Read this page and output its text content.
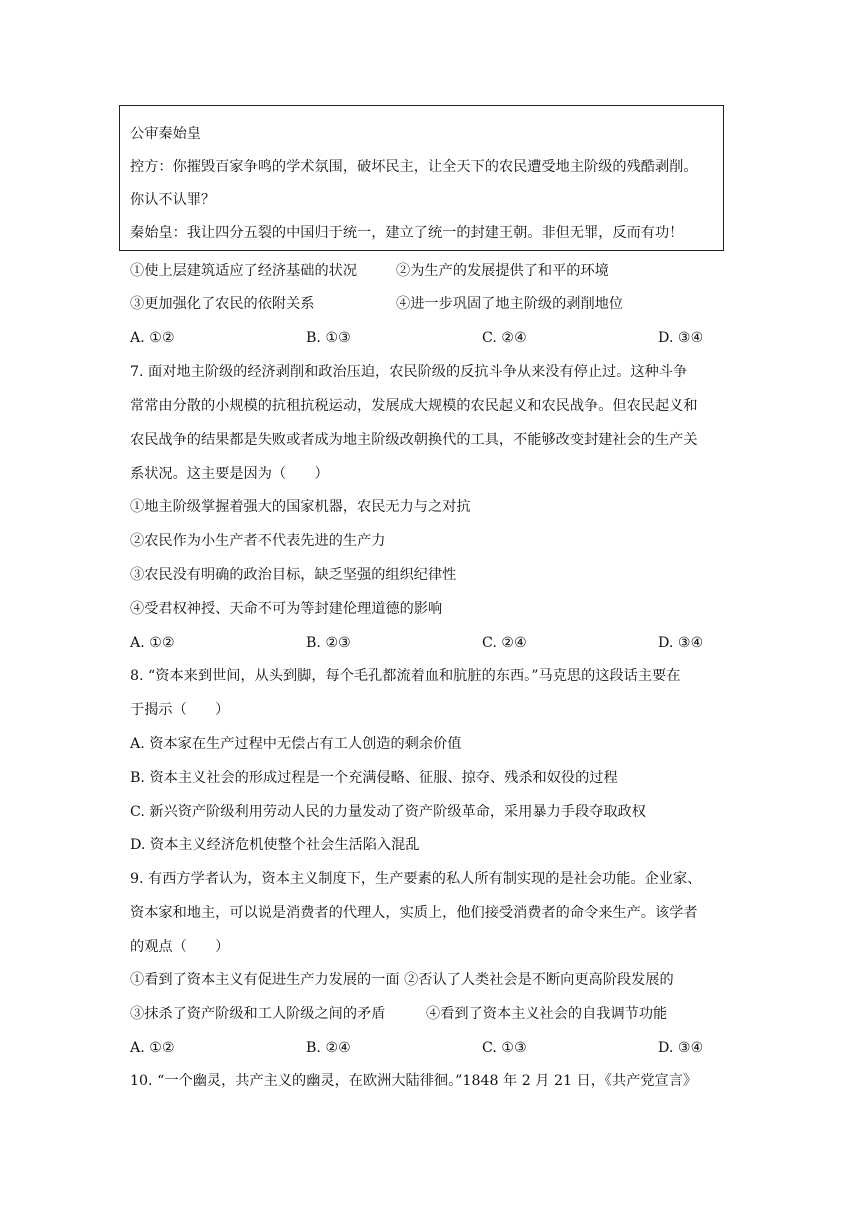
公审秦始皇
控方：你摧毁百家争鸣的学术氛围，破坏民主，让全天下的农民遭受地主阶级的残酷剥削。
你认不认罪？
秦始皇：我让四分五裂的中国归于统一，建立了统一的封建王朝。非但无罪，反而有功！
①使上层建筑适应了经济基础的状况	②为生产的发展提供了和平的环境
③更加强化了农民的依附关系	④进一步巩固了地主阶级的剥削地位
A. ①②	B. ①③	C. ②④	D. ③④
7. 面对地主阶级的经济剥削和政治压迫，农民阶级的反抗斗争从来没有停止过。这种斗争
常常由分散的小规模的抗租抗税运动，发展成大规模的农民起义和农民战争。但农民起义和
农民战争的结果都是失败或者成为地主阶级改朝换代的工具，不能够改变封建社会的生产关
系状况。这主要是因为（　　）
①地主阶级掌握着强大的国家机器，农民无力与之对抗
②农民作为小生产者不代表先进的生产力
③农民没有明确的政治目标，缺乏坚强的组织纪律性
④受君权神授、天命不可为等封建伦理道德的影响
A. ①②	B. ②③	C. ②④	D. ③④
8. “资本来到世间，从头到脚，每个毛孔都流着血和肮脏的东西。”马克思的这段话主要在
于揭示（　　）
A. 资本家在生产过程中无偿占有工人创造的剩余价值
B. 资本主义社会的形成过程是一个充满侵略、征服、掠夺、残杀和奴役的过程
C. 新兴资产阶级利用劳动人民的力量发动了资产阶级革命，采用暴力手段夺取政权
D. 资本主义经济危机使整个社会生活陷入混乱
9. 有西方学者认为，资本主义制度下，生产要素的私人所有制实现的是社会功能。企业家、
资本家和地主，可以说是消费者的代理人，实质上，他们接受消费者的命令来生产。该学者
的观点（　　）
①看到了资本主义有促进生产力发展的一面 ②否认了人类社会是不断向更高阶段发展的
③抹杀了资产阶级和工人阶级之间的矛盾	④看到了资本主义社会的自我调节功能
A. ①②	B. ②④	C. ①③	D. ③④
10. “一个幽灵，共产主义的幽灵，在欧洲大陆徘徊。”1848 年 2 月 21 日，《共产党宣言》
